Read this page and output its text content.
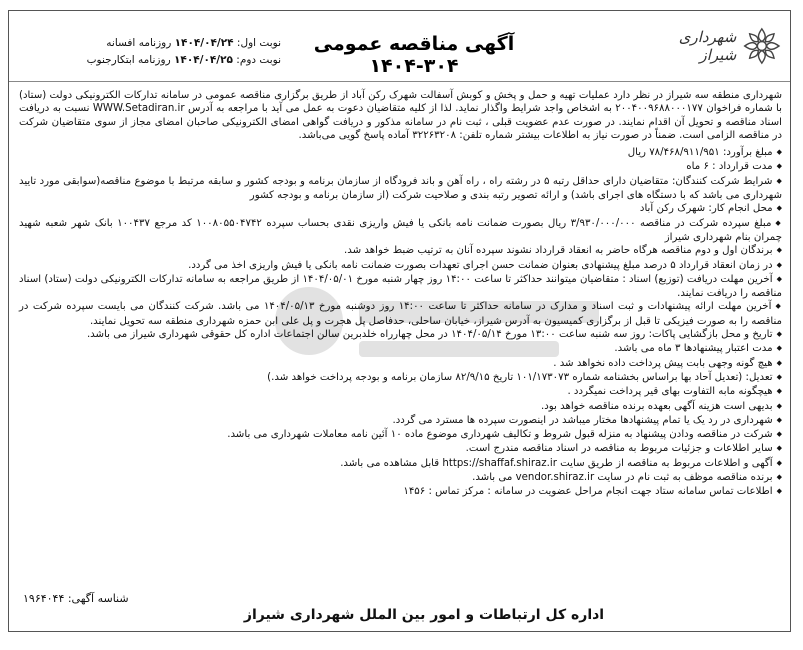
شهرداری شیراز
آگهی مناقصه عمومی ۳۰۴-۱۴۰۴
نوبت اول: ۱۴۰۴/۰۴/۲۴ روزنامه افسانه
نوبت دوم: ۱۴۰۴/۰۴/۲۵ روزنامه ابتکارجنوب

شهرداری منطقه سه شیراز در نظر دارد عملیات تهیه و حمل و پخش و کوبش آسفالت شهرک رکن آباد از طریق برگزاری مناقصه عمومی در سامانه تدارکات الکترونیکی دولت (ستاد) با شماره فراخوان ۲۰۰۴۰۰۹۶۸۸۰۰۰۱۷۷ به اشخاص واجد شرایط واگذار نماید. لذا از کلیه متقاضیان دعوت به عمل می آید با مراجعه به آدرس WWW.Setadiran.ir نسبت به دریافت اسناد مناقصه و تحویل آن اقدام نمایند. در صورت عدم عضویت قبلی ، ثبت نام در سامانه مذکور و دریافت گواهی امضای الکترونیکی صاحبان امضای مجاز از سوی متقاضیان شرکت در مناقصه الزامی است. ضمناً در صورت نیاز به اطلاعات بیشتر شماره تلفن: ۳۲۲۶۳۲۰۸ آماده پاسخ گویی می‌باشد.

◆ مبلغ برآورد: ۷۸/۴۶۸/۹۱۱/۹۵۱ ریال

◆ مدت قرارداد : ۶ ماه

◆ شرایط شرکت کنندگان: متقاضیان دارای حداقل رتبه ۵ در رشته راه ، راه آهن و باند فرودگاه از سازمان برنامه و بودجه کشور و سابقه مرتبط با موضوع مناقصه(سوابقی مورد تایید شهرداری می باشد که با دستگاه های اجرای باشد) و ارائه تصویر رتبه بندی و صلاحیت شرکت (از سازمان برنامه و بودجه کشور

◆ محل انجام کار: شهرک رکن آباد

◆ مبلغ سپرده شرکت در مناقصه ۳/۹۳۰/۰۰۰/۰۰۰ ریال بصورت ضمانت نامه بانکی یا فیش واریزی نقدی بحساب سپرده ۱۰۰۸۰۵۵۰۴۷۴۲ کد مرجع ۱۰۰۴۳۷ بانک شهر شعبه شهید چمران بنام شهرداری شیراز

◆ برندگان اول و دوم مناقصه هرگاه حاضر به انعقاد قرارداد نشوند سپرده آنان به ترتیب ضبط خواهد شد.

◆ در زمان انعقاد قرارداد ۵ درصد مبلغ پیشنهادی بعنوان ضمانت حسن اجرای تعهدات بصورت ضمانت نامه بانکی یا فیش واریزی اخذ می گردد.

◆ آخرین مهلت دریافت (توزیع) اسناد : متقاضیان میتوانند حداکثر تا ساعت ۱۴:۰۰ روز چهار شنبه مورخ ۱۴۰۴/۰۵/۰۱ از طریق مراجعه به سامانه تدارکات الکترونیکی دولت (ستاد) اسناد مناقصه را دریافت نمایند.

◆ آخرین مهلت ارائه پیشنهادات و ثبت اسناد و مدارک در سامانه حداکثر تا ساعت ۱۴:۰۰ روز دوشنبه مورخ ۱۴۰۴/۰۵/۱۳ می باشد. شرکت کنندگان می بایست سپرده شرکت در مناقصه را به صورت فیزیکی تا قبل از برگزاری کمیسیون به آدرس شیراز، خیابان ساحلی، حدفاصل پل هجرت و پل علی ابن حمزه شهرداری منطقه سه تحویل نمایند.

◆ تاریخ و محل بازگشایی پاکات: روز سه شنبه ساعت ۱۳:۰۰ مورخ ۱۴۰۴/۰۵/۱۴ در محل چهارراه خلدبرین سالن اجتماعات اداره کل حقوقی شهرداری شیراز می باشد.

◆ مدت اعتبار پیشنهادها ۳ ماه می باشد.

◆ هیچ گونه وجهی بابت پیش پرداخت داده نخواهد شد .

◆ تعدیل: (تعدیل آحاد بها براساس بخشنامه شماره ۱۰۱/۱۷۳۰۷۳ تاریخ ۸۲/۹/۱۵ سازمان برنامه و بودجه پرداخت خواهد شد.)

◆ هیچگونه مابه التفاوت بهای قیر پرداخت نمیگردد .

◆ بدیهی است هزینه آگهی بعهده برنده مناقصه خواهد بود.

◆ شهرداری در رد یک یا تمام پیشنهادها مختار میباشد در اینصورت سپرده ها مسترد می گردد.

◆ شرکت در مناقصه ودادن پیشنهاد به منزله قبول شروط و تکالیف شهرداری موضوع ماده ۱۰ آئین نامه معاملات شهرداری می باشد.

◆ سایر اطلاعات و جزئیات مربوط به مناقصه در اسناد مناقصه مندرج است.

◆ آگهی و اطلاعات مربوط به مناقصه از طریق سایت https://shaffaf.shiraz.ir قابل مشاهده می باشد.

◆ برنده مناقصه موظف به ثبت نام در سایت vendor.shiraz.ir می باشد.

◆ اطلاعات تماس سامانه ستاد جهت انجام مراحل عضویت در سامانه : مرکز تماس : ۱۴۵۶

شناسه آگهی: ۱۹۶۴۰۴۴
اداره کل ارتباطات و امور بین الملل شهرداری شیراز
